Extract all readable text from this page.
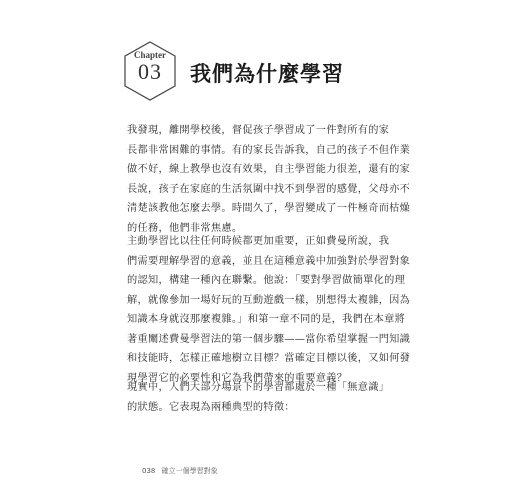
Chapter
03	我們為什麼學習
我發現，離開學校後，督促孩子學習成了一件對所有的家
長都非常困難的事情。有的家長告訴我，自己的孩子不但作業
做不好，線上教學也沒有效果，自主學習能力很差，還有的家
長說，孩子在家庭的生活氛圍中找不到學習的感覺，父母亦不
清楚該教他怎麼去學。時間久了，學習變成了一件極奇而枯燥
的任務，他們非常焦慮。
主動學習比以往任何時候都更加重要，正如費曼所說，我
們需要理解學習的意義，並且在這種意義中加強對於學習對象
的認知，構建一種內在聯繫。他說：「要對學習做簡單化的理
解，就像參加一場好玩的互動遊戲一樣，別想得太複雜，因為
知識本身就沒那麼複雜。」和第一章不同的是，我們在本章將
著重闡述費曼學習法的第一個步驟——當你希望掌握一門知識
和技能時，怎樣正確地樹立目標？當確定目標以後，又如何發
現學習它的必要性和它為我們帶來的重要意義？
現實中，人們大部分場景下的學習都處於一種「無意識」
的狀態。它表現為兩種典型的特徵：
038 確立一個學習對象
